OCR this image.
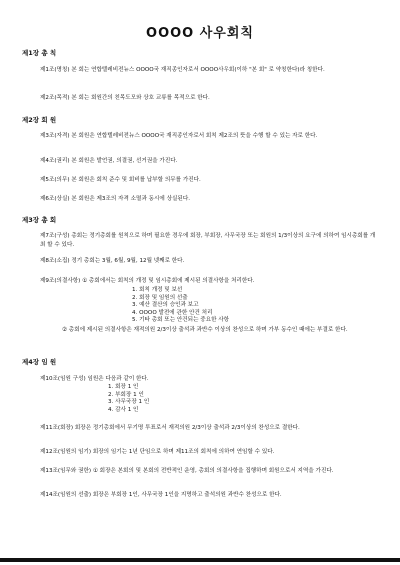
OOOO 사우회칙
제1장 총 칙
제1조(명칭) 본 회는 연합텔레비전뉴스 OOOO국 재직종인자로서 OOOO사우회(이하 "본 회" 로 약칭한다)라 칭한다.
제2조(목적) 본 회는 회원간의 친목도모와 상호 교류를 목적으로 한다.
제2장 회 원
제3조(자격) 본 회원은 연합텔레비전뉴스 OOOO국 재직종인자로서 회칙 제2조의 뜻을 수행 할 수 있는 자로 한다.
제4조(권리) 본 회원은 발언권, 의결권, 선거권을 가진다.
제5조(의무) 본 회원은 회칙 준수 및 회비를 납부할 의무를 가진다.
제6조(상실) 본 회원은 제3조의 자격 소멸과 동시에 상실된다.
제3장 총 회
제7조(구성) 총회는 정기총회를 원칙으로 하며 필요한 경우에 회장, 부회장, 사무국장 또는 회원의 1/3이상의 요구에 의하여 임시총회를 개최 할 수 있다.
제8조(소집) 정기 총회는 3월, 6월, 9월, 12월 넷째로 한다.
제9조(의결사항) ① 총회에서는 회칙의 개정 및 임시총회에 제시된 의결사항을 처리한다.
1. 회칙 개정 및 보선
2. 회장 및 임원의 선출
3. 예산 결산의 승인과 보고
4. OOOO 발전에 관한 안건 처리
5. 기타 총회 또는 안건되는 중요한 사항
② 총회에 제시된 의결사항은 재적의원 2/3이상 출석과 과반수 이상의 찬성으로 하며 가부 동수인 때에는 부결로 한다.
제4장 임 원
제10조(임원 구성) 임원은 다음과 같이 한다.
1. 회장 1 인
2. 부회장 1 인
3. 사무국장 1 인
4. 감사 1 인
제11조(회장) 회장은 정기총회에서 무기명 투표로서 재적의원 2/3이상 출석과 2/3이상의 찬성으로 결한다.
제12조(임원의 임기) 회장의 임기는 1년 단임으로 하며 제11조의 회칙에 의하여 연임할 수 있다.
제13조(임무와 권한) ① 회장은 본회의 및 본회의 전반적인 운영, 총회의 의결사항을 집행하며 회원으로서 지역을 가진다.
제14조(임원의 선출) 회장은 부회장 1인, 사무국장 1인을 지명하고 출석의원 과반수 찬성으로 한다.
